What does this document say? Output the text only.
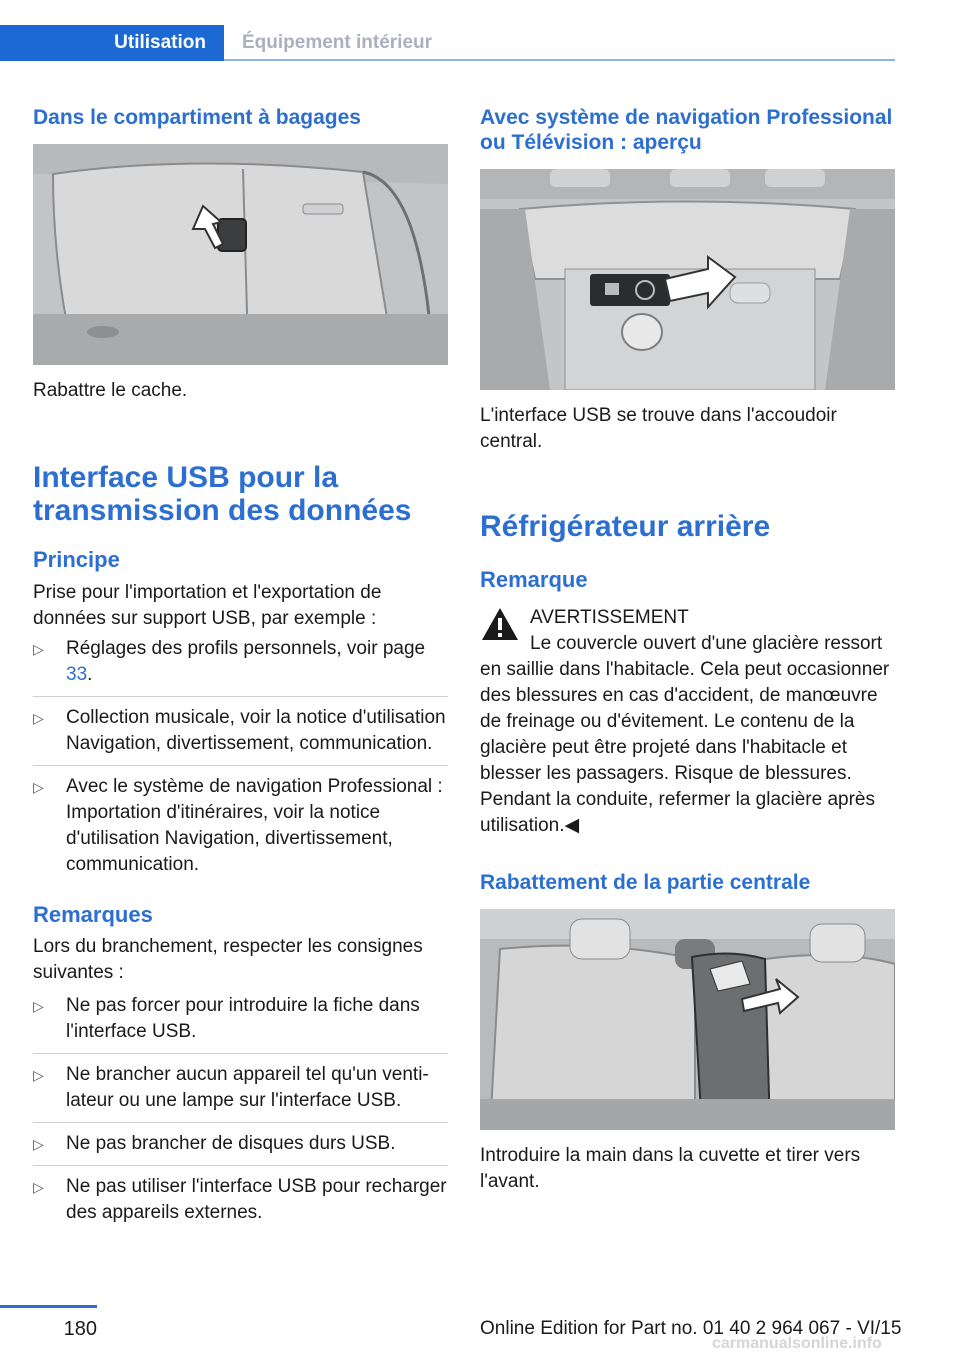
Utilisation	Équipement intérieur
Dans le compartiment à bagages
Rabattre le cache.
Interface USB pour la transmission des données
Principe
Prise pour l'importation et l'exportation de données sur support USB, par exemple :
▷ Réglages des profils personnels, voir page 33.
▷ Collection musicale, voir la notice d'utilisation Navigation, divertissement, communication.
▷ Avec le système de navigation Professional : Importation d'itinéraires, voir la notice d'utilisation Navigation, divertissement, communication.
Remarques
Lors du branchement, respecter les consignes suivantes :
▷ Ne pas forcer pour introduire la fiche dans l'interface USB.
▷ Ne brancher aucun appareil tel qu'un ventilateur ou une lampe sur l'interface USB.
▷ Ne pas brancher de disques durs USB.
▷ Ne pas utiliser l'interface USB pour recharger des appareils externes.
Avec système de navigation Professional ou Télévision : aperçu
L'interface USB se trouve dans l'accoudoir central.
Réfrigérateur arrière
Remarque
AVERTISSEMENT
Le couvercle ouvert d'une glacière ressort en saillie dans l'habitacle. Cela peut occasionner des blessures en cas d'accident, de manœuvre de freinage ou d'évitement. Le contenu de la glacière peut être projeté dans l'habitacle et blesser les passagers. Risque de blessures. Pendant la conduite, refermer la glacière après utilisation.◀
Rabattement de la partie centrale
Introduire la main dans la cuvette et tirer vers l'avant.
180	Online Edition for Part no. 01 40 2 964 067 - VI/15
carmanualsonline.info
